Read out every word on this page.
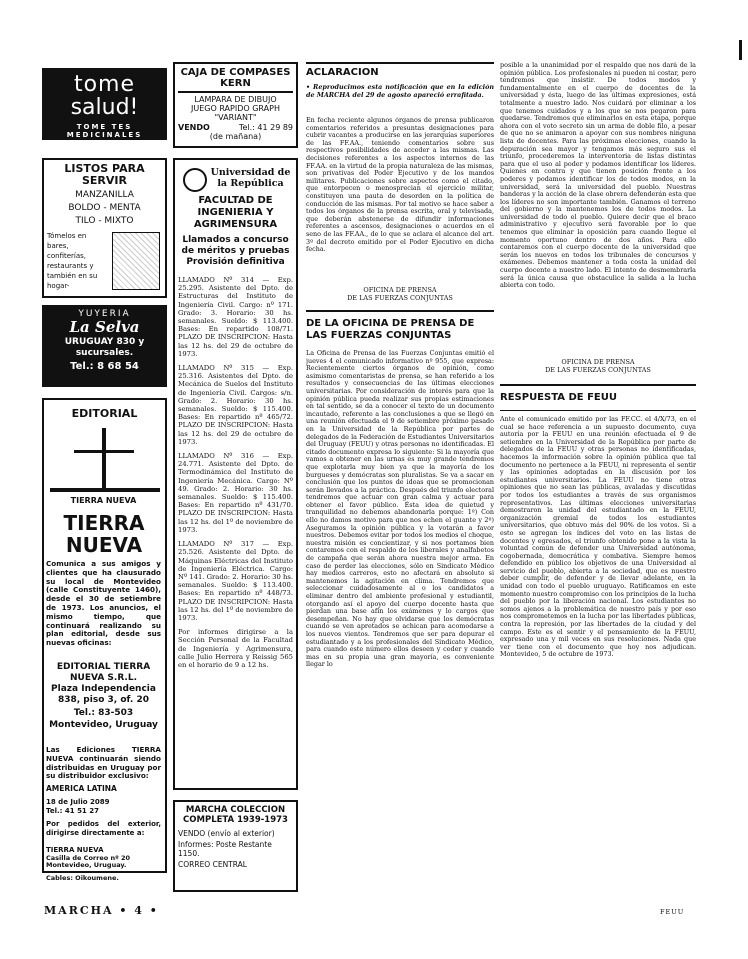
tome
salud!
TOME TES MEDICINALES
LISTOS PARA SERVIR
MANZANILLA
BOLDO - MENTA
TILO - MIXTO
Tómelos en bares, confiterías, restaurants y también en su hogar-
YUYERIA
La Selva
URUGUAY 830 y sucursales.
Tel.: 8 68 54
EDITORIAL
TIERRA NUEVA
TIERRA NUEVA
Comunica a sus amigos y clientes que ha clausurado su local de Montevideo (calle Constituyente 1460), desde el 30 de setiembre de 1973. Los anuncios, el mismo tiempo, que continuará realizando su plan editorial, desde sus nuevas oficinas:
EDITORIAL TIERRA NUEVA S.R.L.
Plaza Independencia 838, piso 3, of. 20
Tel.: 83-503
Montevideo, Uruguay
Las Ediciones TIERRA NUEVA continuarán siendo distribuidas en Uruguay por su distribuidor exclusivo:
AMERICA LATINA
18 de Julio 2089
Tel.: 41 51 27
Por pedidos del exterior, dirigirse directamente a:
TIERRA NUEVA
Casilla de Correo nº 20
Montevideo, Uruguay.
Cables: Oikoumene.
CAJA DE COMPASES KERN
LAMPARA DE DIBUJO
JUEGO RAPIDO GRAPH "VARIANT"
VENDO	Tel.: 41 29 89
(de mañana)
Universidad de la República
FACULTAD DE INGENIERIA Y AGRIMENSURA
Llamados a concurso de méritos y pruebas Provisión definitiva
LLAMADO Nº 314 — Exp. 25.295. Asistente del Dpto. de Estructuras del Instituto de Ingeniería Civil. Cargo: nº 171. Grado: 3. Horario: 30 hs. semanales. Sueldo: $ 113.400. Bases: En repartido 108/71. PLAZO DE INSCRIPCION: Hasta las 12 hs. del 29 de octubre de 1973.
LLAMADO Nº 315 — Exp. 25.316. Asistentes del Dpto. de Mecánica de Suelos del Instituto de Ingeniería Civil. Cargos: s/n. Grado: 2. Horario: 30 hs. semanales. Sueldo: $ 115.400. Bases: En repartido nº 465/72. PLAZO DE INSCRIPCION: Hasta las 12 hs. del 29 de octubre de 1973.
LLAMADO Nº 316 — Exp. 24.771. Asistente del Dpto. de Termodinámica del Instituto de Ingeniería Mecánica. Cargo: Nº 49. Grado: 2. Horario: 30 hs. semanales. Sueldo: $ 115.400. Bases: En repartido nº 431/70. PLAZO DE INSCRIPCION: Hasta las 12 hs. del 1º de noviembre de 1973.
LLAMADO Nº 317 — Exp. 25.526. Asistente del Dpto. de Máquinas Eléctricas del Instituto de Ingeniería Eléctrica. Cargo: Nº 141. Grado: 2. Horario: 30 hs. semanales. Sueldo: $ 113.400. Bases: En repartido nº 448/73. PLAZO DE INSCRIPCION: Hasta las 12 hs. del 1º de noviembre de 1973.
Por informes dirigirse a la Sección Personal de la Facultad de Ingeniería y Agrimensura, calle Julio Herrera y Reissig 565 en el horario de 9 a 12 hs.
MARCHA COLECCION COMPLETA 1939-1973
VENDO (envío al exterior)
Informes: Poste Restante 1150.
CORREO CENTRAL
ACLARACION
• Reproducimos esta notificación que en la edición de MARCHA del 29 de agosto apareció errafitada.
En fecha reciente algunos órganos de prensa publicaron comentarios referidos a presuntas designaciones para cubrir vacantes a producirse en las jerarquías superiores de las FF.AA., teniendo comentarios sobre sus respectivos posibilidades de acceder a las mismas. Las decisiones referentes a los aspectos internos de las FF.AA. en la virtud de la propia naturaleza de las mismas, son privativas del Poder Ejecutivo y de los mandos militares. Publicaciones sobre aspectos como el citado, que entorpecen o menosprecian el ejercicio militar, constituyen una pauta de desorden en la política de conducción de las mismas. Por tal motivo se hace saber a todos los órganos de la prensa escrita, oral y televisada, que deberán abstenerse de difundir informaciones referentes a ascensos, designaciones o acuerdos en el seno de las FF.AA., de lo que se aclara el alcance del art. 3º del decreto emitido por el Poder Ejecutivo en dicha fecha.
OFICINA DE PRENSA
DE LAS FUERZAS CONJUNTAS
DE LA OFICINA DE PRENSA DE LAS FUERZAS CONJUNTAS
La Oficina de Prensa de las Fuerzas Conjuntas emitió el jueves 4 el comunicado informativo nº 955, que expresa: Recientemente ciertos órganos de opinión, como asimismo comentaristas de prensa, se han referido a los resultados y consecuencias de las últimas elecciones universitarias. Por consideración de interés para que la opinión pública pueda realizar sus propias estimaciones en tal sentido, se da a conocer el texto de un documento incautado, referente a las conclusiones a que se llegó en una reunión efectuada el 9 de setiembre próximo pasado en la Universidad de la República por partes de delegados de la Federación de Estudiantes Universitarios del Uruguay (FEUU) y otras personas no identificadas. El citado documento expresa lo siguiente: Si la mayoría que vamos a obtener en las urnas es muy grande tendremos que explotarla muy bien ya que la mayoría de los burgueses y demócratas son pluralistas. Se va a sacar en conclusión que los puntos de ideas que se promocionan serán llevados a la práctica. Después del triunfo electoral tendremos que actuar con gran calma y actuar para obtener el favor público. Ésta idea de quietud y tranquilidad no debemos abandonarla porque: 1º) Con ello no damos motivo para que nos echen el guante y 2º) Aseguramos la opinión pública y la votarán a favor nuestros. Debemos evitar por todos los medios el choque, nuestra misión es concientizar, y si nos portamos bien contaremos con el respaldo de los liberales y analfabetos de campaña que serán ahora nuestra mejor arma. En caso de perder las elecciones, sólo en Sindicato Médico hay medios carreros, esto no afectará en absoluto si mantenemos la agitación en clima. Tendremos que seleccionar cuidadosamente al o los candidatos a eliminar dentro del ambiente profesional y estudiantil, otorgando así el apoyo del cuerpo docente hasta que pierdan una base afín los exámenes y lo cargos que desempeñan. No hay que olvidarse que los demócratas cuando se ven apretados se achican para acomodarse a los nuevos vientos. Tendremos que ser para depurar el estudiantado y a los profesionales del Sindicato Médico, para cuando este número ellos deseen y ceder y cuando mas en su propia una gran mayoría, es conveniente llegar lo
posible a la unanimidad por el respaldo que nos dará de la opinión pública. Los profesionales ni pueden ni costar, pero tendremos que insistir. De todos modos y fundamentalmente en el cuerpo de docentes de la universidad y ésta, luego de las últimas expresiones, está totalmente a nuestro lado. Nos cuidará por eliminar a los que tenemos cuidados y a los que se nos pegaron para quedarse. Tendremos que eliminarlos en esta etapa, porque ahora con el voto secreto sin un arma de doble filo, a pesar de que no se animaron a apoyar con sus nombres ninguna lista de docentes. Para las próximas elecciones, cuando la depuración sea mayor y tengamos más seguro sus el triunfo, procederemos la interventoria de listas distintas para que el uso al poder y podamos identificar los líderes. Quienes en contra y que tienen posición frente a los poderes y podamos identificar los de todos modos, en la universidad, será la universidad del pueblo. Nuestras banderas y la acción de la clase obrera defenderán esta que los líderes no son importante también. Ganamos el terreno del gobierno y la mantenemos los de todos modos. La universidad de todo el pueblo. Quiere decir que el braco administrativo y ejecutivo será favorable por lo que tenemos que eliminar la oposición para cuando llegue el momento oportuno dentro de dos años. Para ello contaremos con el cuerpo docente de la universidad que serán los nuevos en todos los tribunales de concursos y exámenes. Debemos mantener a toda costa la unidad del cuerpo docente a nuestro lado. El intento de desmembrarla será la única causa que obstaculice la salida a la lucha abierta con todo.
OFICINA DE PRENSA
DE LAS FUERZAS CONJUNTAS
RESPUESTA DE FEUU
Ante el comunicado emitido por las FF.CC. el 4/X/73, en el cual se hace referencia a un supuesto documento, cuya autoría por la FEUU en una reunión efectuada el 9 de setiembre en la Universidad de la República por parte de delegados de la FEUU y otras personas no identificadas, hacemos la información sobre la opinión pública que tal documento no pertenece a la FEUU, ni representa el sentir y las opiniones adoptadas en la discusión por los estudiantes universitarios. La FEUU no tiene otras opiniones que no sean las públicas, avaladas y discutidas por todos los estudiantes a través de sus organismos representativos. Las últimas elecciones universitarias demostraron la unidad del estudiantado en la FEUU, organización gremial de todos los estudiantes universitarios, que obtuvo más del 90% de los votos. Si a esto se agregan los índices del voto en las listas de docentes y egresados, el triunfo obtenido pone a la vista la voluntad común de defender una Universidad autónoma, cogobernada, democrática y combativa. Siempre hemos defendido en público los objetivos de una Universidad al servicio del pueblo, abierta a la sociedad, que es nuestro deber cumplir, de defender y de llevar adelante, en la unidad con todo el pueblo uruguayo. Ratificamos en este momento nuestro compromiso con los principios de la lucha del pueblo por la liberación nacional. Los estudiantes no somos ajenos a la problemática de nuestro país y por eso nos comprometemos en la lucha por las libertades públicas, contra la represión, por las libertades de la ciudad y del campo. Este es el sentir y el pensamiento de la FEUU, expresado una y mil veces en sus resoluciones. Nada que ver tiene con el documento que hoy nos adjudican. Montevideo, 5 de octubre de 1973.
MARCHA • 4 •	FEUU
